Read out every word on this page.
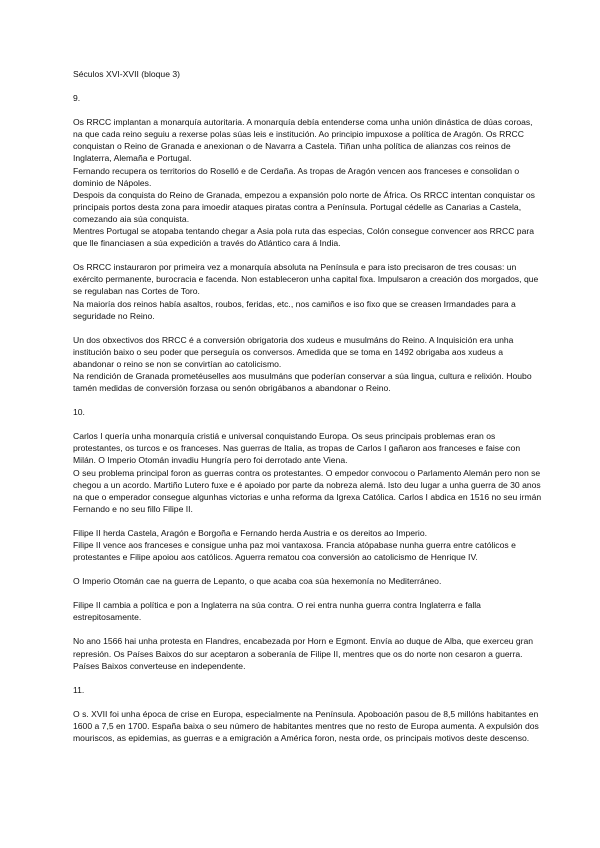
Séculos XVI-XVII (bloque 3)
9.
Os RRCC implantan a monarquía autoritaria. A monarquía debía entenderse coma unha unión dinástica de dúas coroas, na que cada reino seguiu a rexerse polas súas leis e institución. Ao principio impuxose a política de Aragón. Os RRCC conquistan o Reino de Granada e anexionan o de Navarra a Castela. Tiñan unha política de alianzas cos reinos de Inglaterra, Alemaña e Portugal.
Fernando recupera os territorios do Roselló e de Cerdaña. As tropas de Aragón vencen aos franceses e consolidan o dominio de Nápoles.
Despois da conquista do Reino de Granada, empezou a expansión polo norte de África. Os RRCC intentan conquistar os principais portos desta zona para imoedir ataques piratas contra a Península. Portugal cédelle as Canarias a Castela, comezando aia súa conquista.
Mentres Portugal se atopaba tentando chegar a Asia pola ruta das especias, Colón consegue convencer aos RRCC para que lle financiasen a súa expedición a través do Atlántico cara á India.
Os RRCC instauraron por primeira vez a monarquía absoluta na Península e para isto precisaron de tres cousas: un exército permanente, burocracia e facenda. Non estableceron unha capital fixa. Impulsaron a creación dos morgados, que se regulaban nas Cortes de Toro.
Na maioría dos reinos había asaltos, roubos, feridas, etc., nos camiños e iso fixo que se creasen Irmandades para a seguridade no Reino.
Un dos obxectivos dos RRCC é a conversión obrigatoria dos xudeus e musulmáns do Reino. A Inquisición era unha institución baixo o seu poder que perseguía os conversos. Amedida que se toma en 1492 obrigaba aos xudeus a abandonar o reino se non se convirtían ao catolicismo.
Na rendición de Granada prometéuselles aos musulmáns que poderían conservar a súa lingua, cultura e relixión. Houbo tamén medidas de conversión forzasa ou senón obrigábanos a abandonar o Reino.
10.
Carlos I quería unha monarquía cristiá e universal conquistando Europa. Os seus principais problemas eran os protestantes, os turcos e os franceses. Nas guerras de Italia, as tropas de Carlos I gañaron aos franceses e faise con Milán. O Imperio Otomán invadiu Hungría pero foi derrotado ante Viena.
O seu problema principal foron as guerras contra os protestantes. O empedor convocou o Parlamento Alemán pero non se chegou a un acordo. Martiño Lutero fuxe e é apoiado por parte da nobreza alemá. Isto deu lugar a unha guerra de 30 anos na que o emperador consegue algunhas victorias e unha reforma da Igrexa Católica. Carlos I abdica en 1516 no seu irmán Fernando e no seu fillo Filipe II.
Filipe II herda Castela, Aragón e Borgoña e Fernando herda Austria e os dereitos ao Imperio.
Filipe II vence aos franceses e consigue unha paz moi vantaxosa. Francia atópabase nunha guerra entre católicos e protestantes e Filipe apoiou aos católicos. Aguerra rematou coa conversión ao catolicismo de Henrique IV.
O Imperio Otomán cae na guerra de Lepanto, o que acaba coa súa hexemonía no Mediterráneo.
Filipe II cambia a política e pon a Inglaterra na súa contra. O rei entra nunha guerra contra Inglaterra e falla estrepitosamente.
No ano 1566 hai unha protesta en Flandres, encabezada por Horn e Egmont. Envía ao duque de Alba, que exerceu gran represión. Os Países Baixos do sur aceptaron a soberanía de Filipe II, mentres que os do norte non cesaron a guerra. Países Baixos converteuse en independente.
11.
O s. XVII foi unha época de crise en Europa, especialmente na Península. Apoboación pasou de 8,5 millóns habitantes en 1600 a 7,5 en 1700. España baixa o seu número de habitantes mentres que no resto de Europa aumenta. A expulsión dos mouriscos, as epidemias, as guerras e a emigración a América foron, nesta orde, os principais motivos deste descenso.
